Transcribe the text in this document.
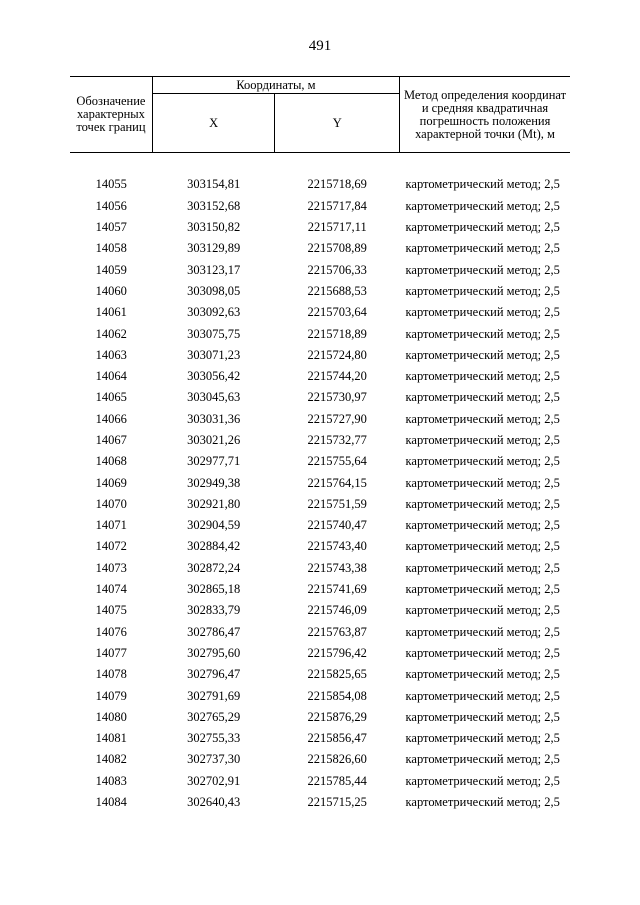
491
Обозначение характерных точек границ	Координаты, м		Метод определения координат и средняя квадратичная погрешность положения характерной точки (Mt), м
	X	Y	

14055	303154,81	2215718,69	картометрический метод; 2,5
14056	303152,68	2215717,84	картометрический метод; 2,5
14057	303150,82	2215717,11	картометрический метод; 2,5
14058	303129,89	2215708,89	картометрический метод; 2,5
14059	303123,17	2215706,33	картометрический метод; 2,5
14060	303098,05	2215688,53	картометрический метод; 2,5
14061	303092,63	2215703,64	картометрический метод; 2,5
14062	303075,75	2215718,89	картометрический метод; 2,5
14063	303071,23	2215724,80	картометрический метод; 2,5
14064	303056,42	2215744,20	картометрический метод; 2,5
14065	303045,63	2215730,97	картометрический метод; 2,5
14066	303031,36	2215727,90	картометрический метод; 2,5
14067	303021,26	2215732,77	картометрический метод; 2,5
14068	302977,71	2215755,64	картометрический метод; 2,5
14069	302949,38	2215764,15	картометрический метод; 2,5
14070	302921,80	2215751,59	картометрический метод; 2,5
14071	302904,59	2215740,47	картометрический метод; 2,5
14072	302884,42	2215743,40	картометрический метод; 2,5
14073	302872,24	2215743,38	картометрический метод; 2,5
14074	302865,18	2215741,69	картометрический метод; 2,5
14075	302833,79	2215746,09	картометрический метод; 2,5
14076	302786,47	2215763,87	картометрический метод; 2,5
14077	302795,60	2215796,42	картометрический метод; 2,5
14078	302796,47	2215825,65	картометрический метод; 2,5
14079	302791,69	2215854,08	картометрический метод; 2,5
14080	302765,29	2215876,29	картометрический метод; 2,5
14081	302755,33	2215856,47	картометрический метод; 2,5
14082	302737,30	2215826,60	картометрический метод; 2,5
14083	302702,91	2215785,44	картометрический метод; 2,5
14084	302640,43	2215715,25	картометрический метод; 2,5
